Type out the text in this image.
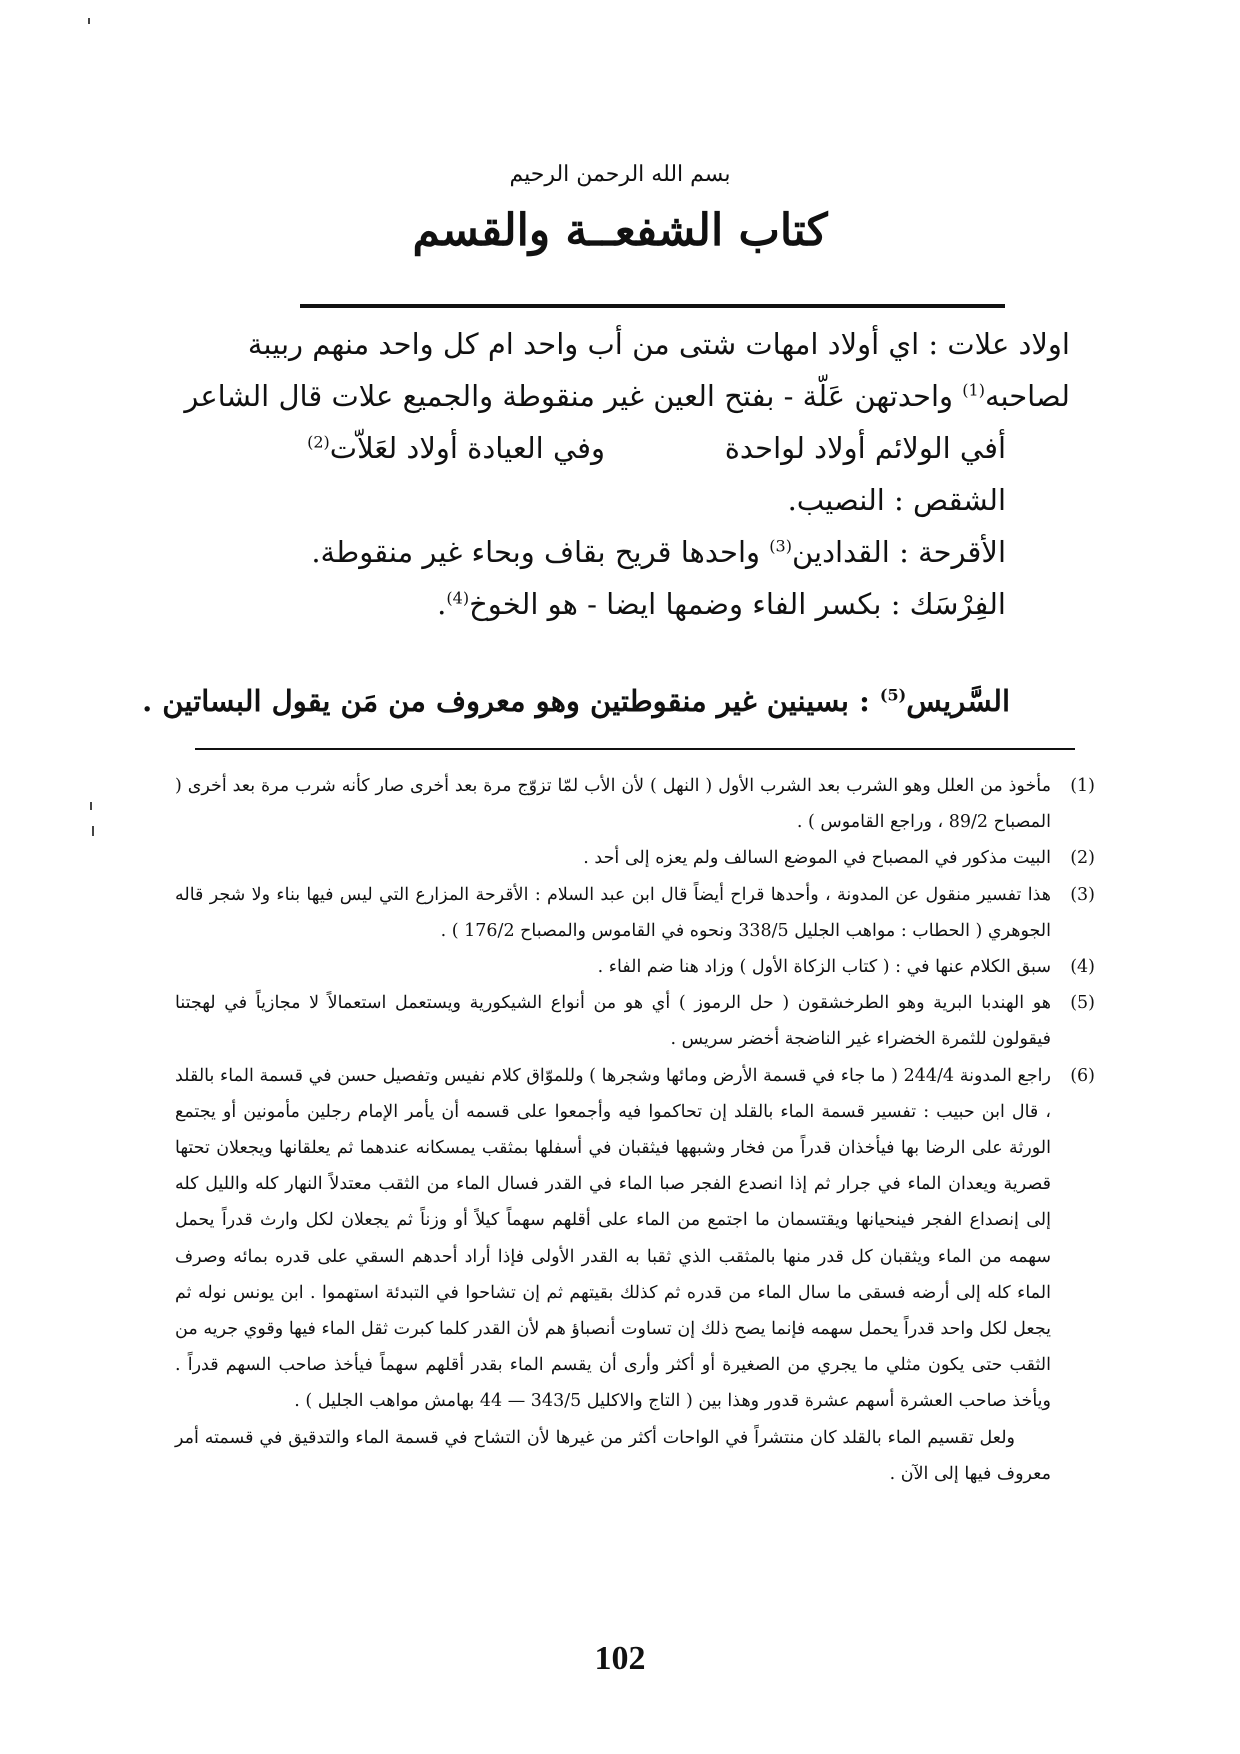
بسم الله الرحمن الرحيم
كتاب الشفعــة والقسم

اولاد علات : اي أولاد امهات شتى من أب واحد ام كل واحد منهم ربيبة

لصاحبه$^{(1)}$ واحدتهن عَلّة - بفتح العين غير منقوطة والجميع علات قال الشاعر

أفي الولائم أولاد لواحدة
وفي العيادة أولاد لعَلاّت$^{(2)}$

الشقص : النصيب.

الأقرحة : القدادين$^{(3)}$ واحدها قريح بقاف وبحاء غير منقوطة.

الفِرْسَك : بكسر الفاء وضمها ايضا - هو الخوخ$^{(4)}$.

السَّريس$^{(5)}$ : بسينين غير منقوطتين وهو معروف من مَن يقول البساتين .
(1)
مأخوذ من العلل وهو الشرب بعد الشرب الأول ( النهل ) لأن الأب لمّا تزوّج مرة بعد أخرى صار كأنه شرب مرة بعد أخرى ( المصباح 89/2 ، وراجع القاموس ) .
(2)
البيت مذكور في المصباح في الموضع السالف ولم يعزه إلى أحد .
(3)
هذا تفسير منقول عن المدونة ، وأحدها قراح أيضاً قال ابن عبد السلام : الأقرحة المزارع التي ليس فيها بناء ولا شجر قاله الجوهري ( الحطاب : مواهب الجليل 338/5 ونحوه في القاموس والمصباح 176/2 ) .
(4)
سبق الكلام عنها في : ( كتاب الزكاة الأول ) وزاد هنا ضم الفاء .
(5)
هو الهندبا البرية وهو الطرخشقون ( حل الرموز ) أي هو من أنواع الشيكورية ويستعمل استعمالاً لا مجازياً في لهجتنا فيقولون للثمرة الخضراء غير الناضجة أخضر سريس .
(6)
راجع المدونة 244/4 ( ما جاء في قسمة الأرض ومائها وشجرها ) وللموّاق كلام نفيس وتفصيل حسن في قسمة الماء بالقلد ، قال ابن حبيب : تفسير قسمة الماء بالقلد إن تحاكموا فيه وأجمعوا على قسمه أن يأمر الإمام رجلين مأمونين أو يجتمع الورثة على الرضا بها فيأخذان قدراً من فخار وشبهها فيثقبان في أسفلها بمثقب يمسكانه عندهما ثم يعلقانها ويجعلان تحتها قصرية ويعدان الماء في جرار ثم إذا انصدع الفجر صبا الماء في القدر فسال الماء من الثقب معتدلاً النهار كله والليل كله إلى إنصداع الفجر فينحيانها ويقتسمان ما اجتمع من الماء على أقلهم سهماً كيلاً أو وزناً ثم يجعلان لكل وارث قدراً يحمل سهمه من الماء ويثقبان كل قدر منها بالمثقب الذي ثقبا به القدر الأولى فإذا أراد أحدهم السقي على قدره بمائه وصرف الماء كله إلى أرضه فسقى ما سال الماء من قدره ثم كذلك بقيتهم ثم إن تشاحوا في التبدئة استهموا . ابن يونس نوله ثم يجعل لكل واحد قدراً يحمل سهمه فإنما يصح ذلك إن تساوت أنصباؤ هم لأن القدر كلما كبرت ثقل الماء فيها وقوي جريه من الثقب حتى يكون مثلي ما يجري من الصغيرة أو أكثر وأرى أن يقسم الماء بقدر أقلهم سهماً فيأخذ صاحب السهم قدراً . ويأخذ صاحب العشرة أسهم عشرة قدور وهذا بين ( التاج والاكليل 343/5 — 44 بهامش مواهب الجليل ) .

ولعل تقسيم الماء بالقلد كان منتشراً في الواحات أكثر من غيرها لأن التشاح في قسمة الماء والتدقيق في قسمته أمر معروف فيها إلى الآن .

102
